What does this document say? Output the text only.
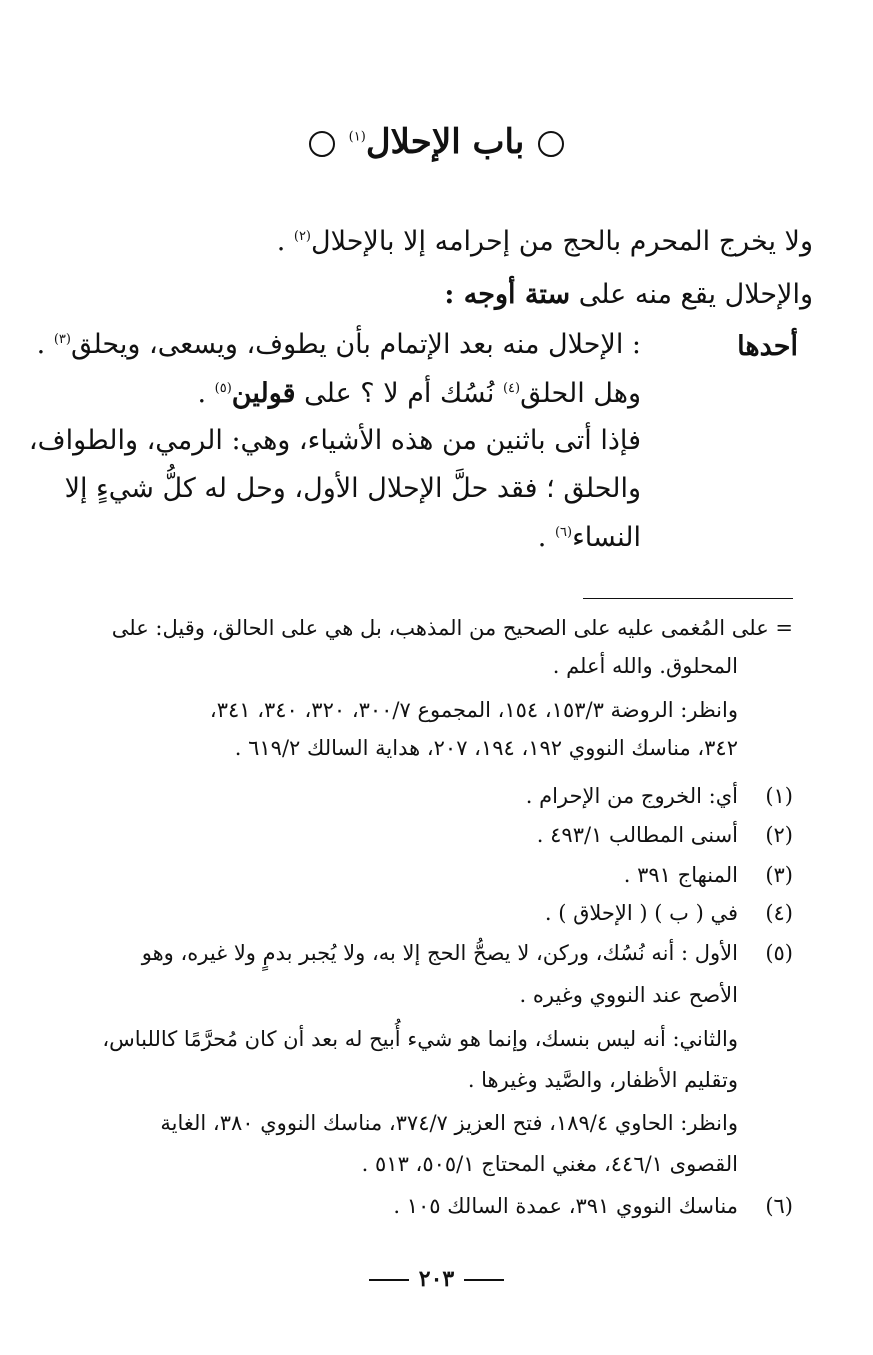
باب الإحلال$^{(١)}$
ولا يخرج المحرم بالحج من إحرامه إلا بالإحلال$^{(٢)}$ .
والإحلال يقع منه على ستة أوجه :
أحدها
: الإحلال منه بعد الإتمام بأن يطوف، ويسعى، ويحلق$^{(٣)}$ .
وهل الحلق$^{(٤)}$ نُسُك أم لا ؟ على قولين$^{(٥)}$ .
فإذا أتى باثنين من هذه الأشياء، وهي: الرمي، والطواف،
والحلق ؛ فقد حلَّ الإحلال الأول، وحل له كلُّ شيءٍ إلا
النساء$^{(٦)}$ .
= على المُغمى عليه على الصحيح من المذهب، بل هي على الحالق، وقيل: على
المحلوق. والله أعلم .
وانظر: الروضة ١٥٣/٣، ١٥٤، المجموع ٣٠٠/٧، ٣٢٠، ٣٤٠، ٣٤١،
٣٤٢، مناسك النووي ١٩٢، ١٩٤، ٢٠٧، هداية السالك ٦١٩/٢ .
(١)أي: الخروج من الإحرام .
(٢)أسنى المطالب ٤٩٣/١ .
(٣)المنهاج ٣٩١ .
(٤)في ( ب ) ( الإحلاق ) .
(٥)الأول : أنه نُسُك، وركن، لا يصحُّ الحج إلا به، ولا يُجبر بدمٍ ولا غيره، وهو
الأصح عند النووي وغيره .
والثاني: أنه ليس بنسك، وإنما هو شيء أُبيح له بعد أن كان مُحرَّمًا كاللباس،
وتقليم الأظفار، والصَّيد وغيرها .
وانظر: الحاوي ١٨٩/٤، فتح العزيز ٣٧٤/٧، مناسك النووي ٣٨٠، الغاية
القصوى ٤٤٦/١، مغني المحتاج ٥٠٥/١، ٥١٣ .
(٦)مناسك النووي ٣٩١، عمدة السالك ١٠٥ .
٢٠٣
